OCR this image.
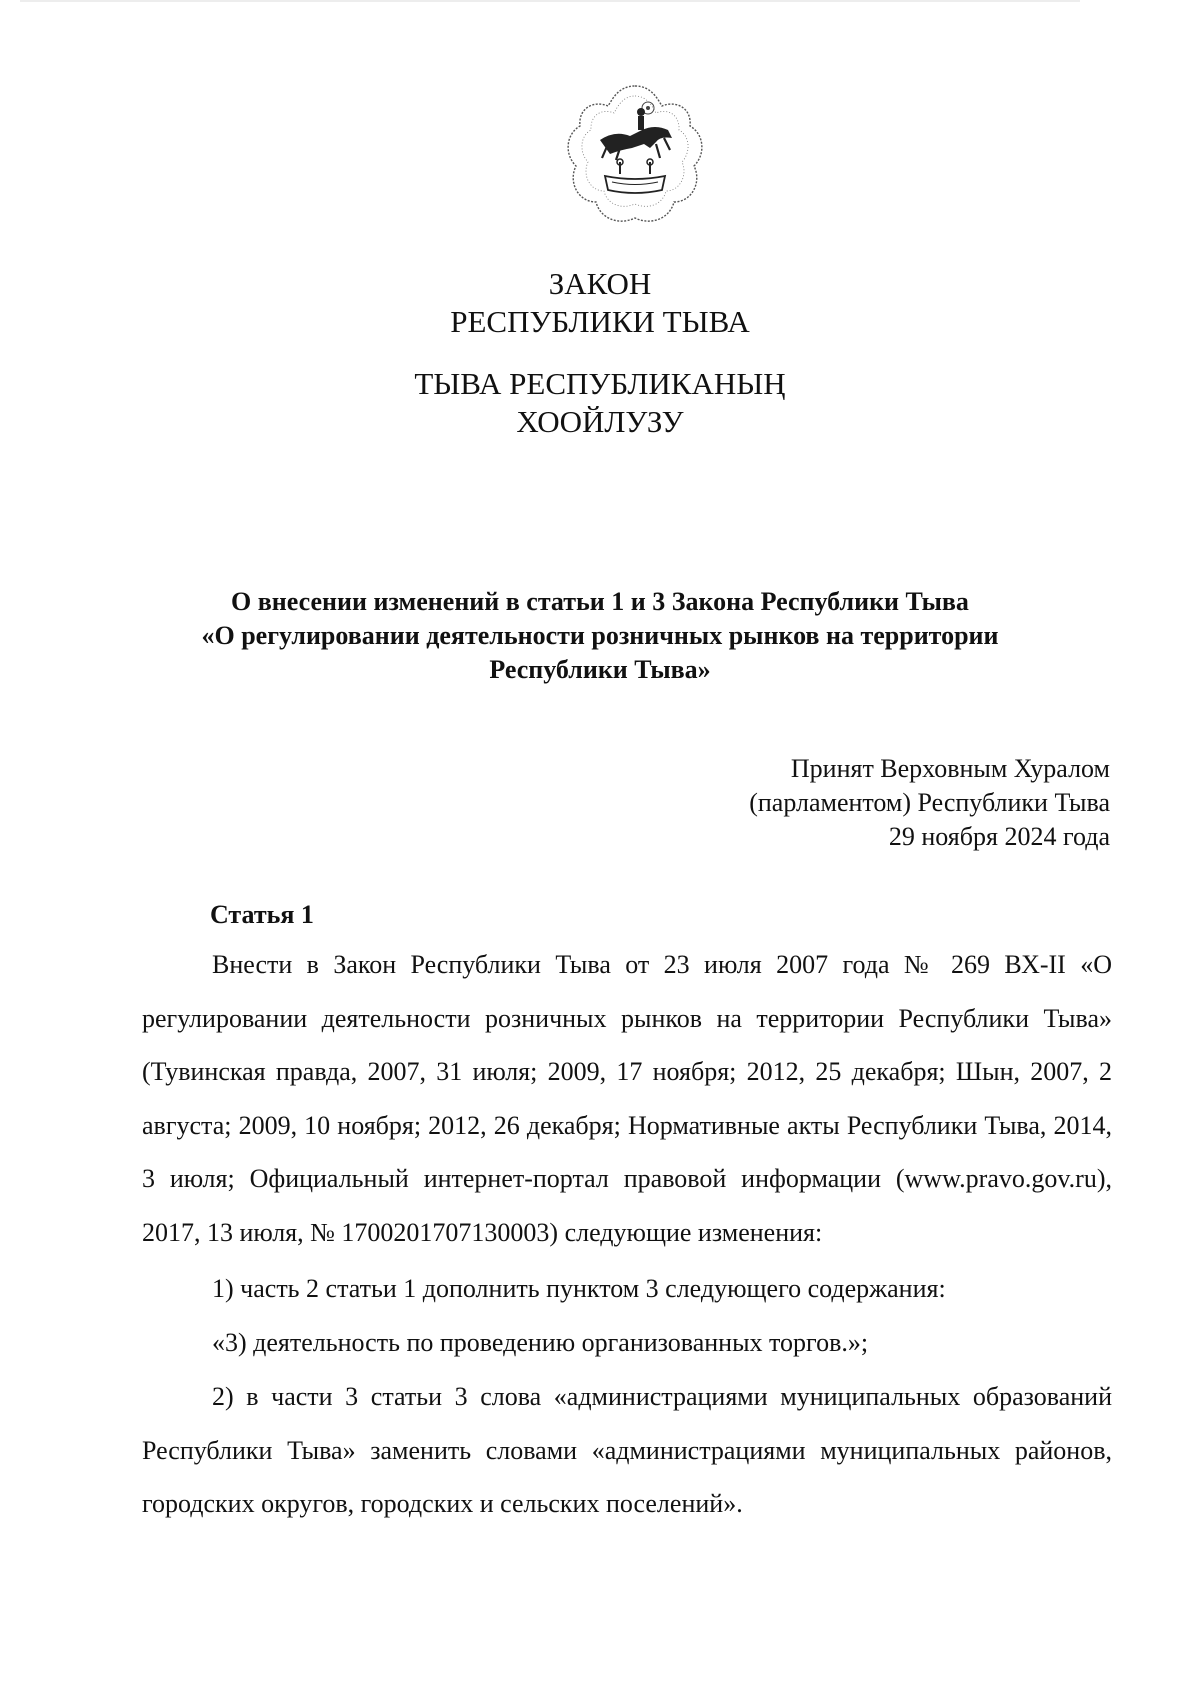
ЗАКОН
РЕСПУБЛИКИ ТЫВА
ТЫВА РЕСПУБЛИКАНЫҢ
ХООЙЛУЗУ
О внесении изменений в статьи 1 и 3 Закона Республики Тыва
«О регулировании деятельности розничных рынков на территории
Республики Тыва»
Принят Верховным Хуралом
(парламентом) Республики Тыва
29 ноября 2024 года
Статья 1

Внести в Закон Республики Тыва от 23 июля 2007 года № 269 ВХ-II «О регулировании деятельности розничных рынков на территории Республики Тыва» (Тувинская правда, 2007, 31 июля; 2009, 17 ноября; 2012, 25 декабря; Шын, 2007, 2 августа; 2009, 10 ноября; 2012, 26 декабря; Нормативные акты Республики Тыва, 2014, 3 июля; Официальный интернет-портал правовой информации (www.pravo.gov.ru), 2017, 13 июля, № 1700201707130003) следующие изменения:

1) часть 2 статьи 1 дополнить пунктом 3 следующего содержания:

«3) деятельность по проведению организованных торгов.»;

2) в части 3 статьи 3 слова «администрациями муниципальных образований Республики Тыва» заменить словами «администрациями муниципальных районов, городских округов, городских и сельских поселений».
